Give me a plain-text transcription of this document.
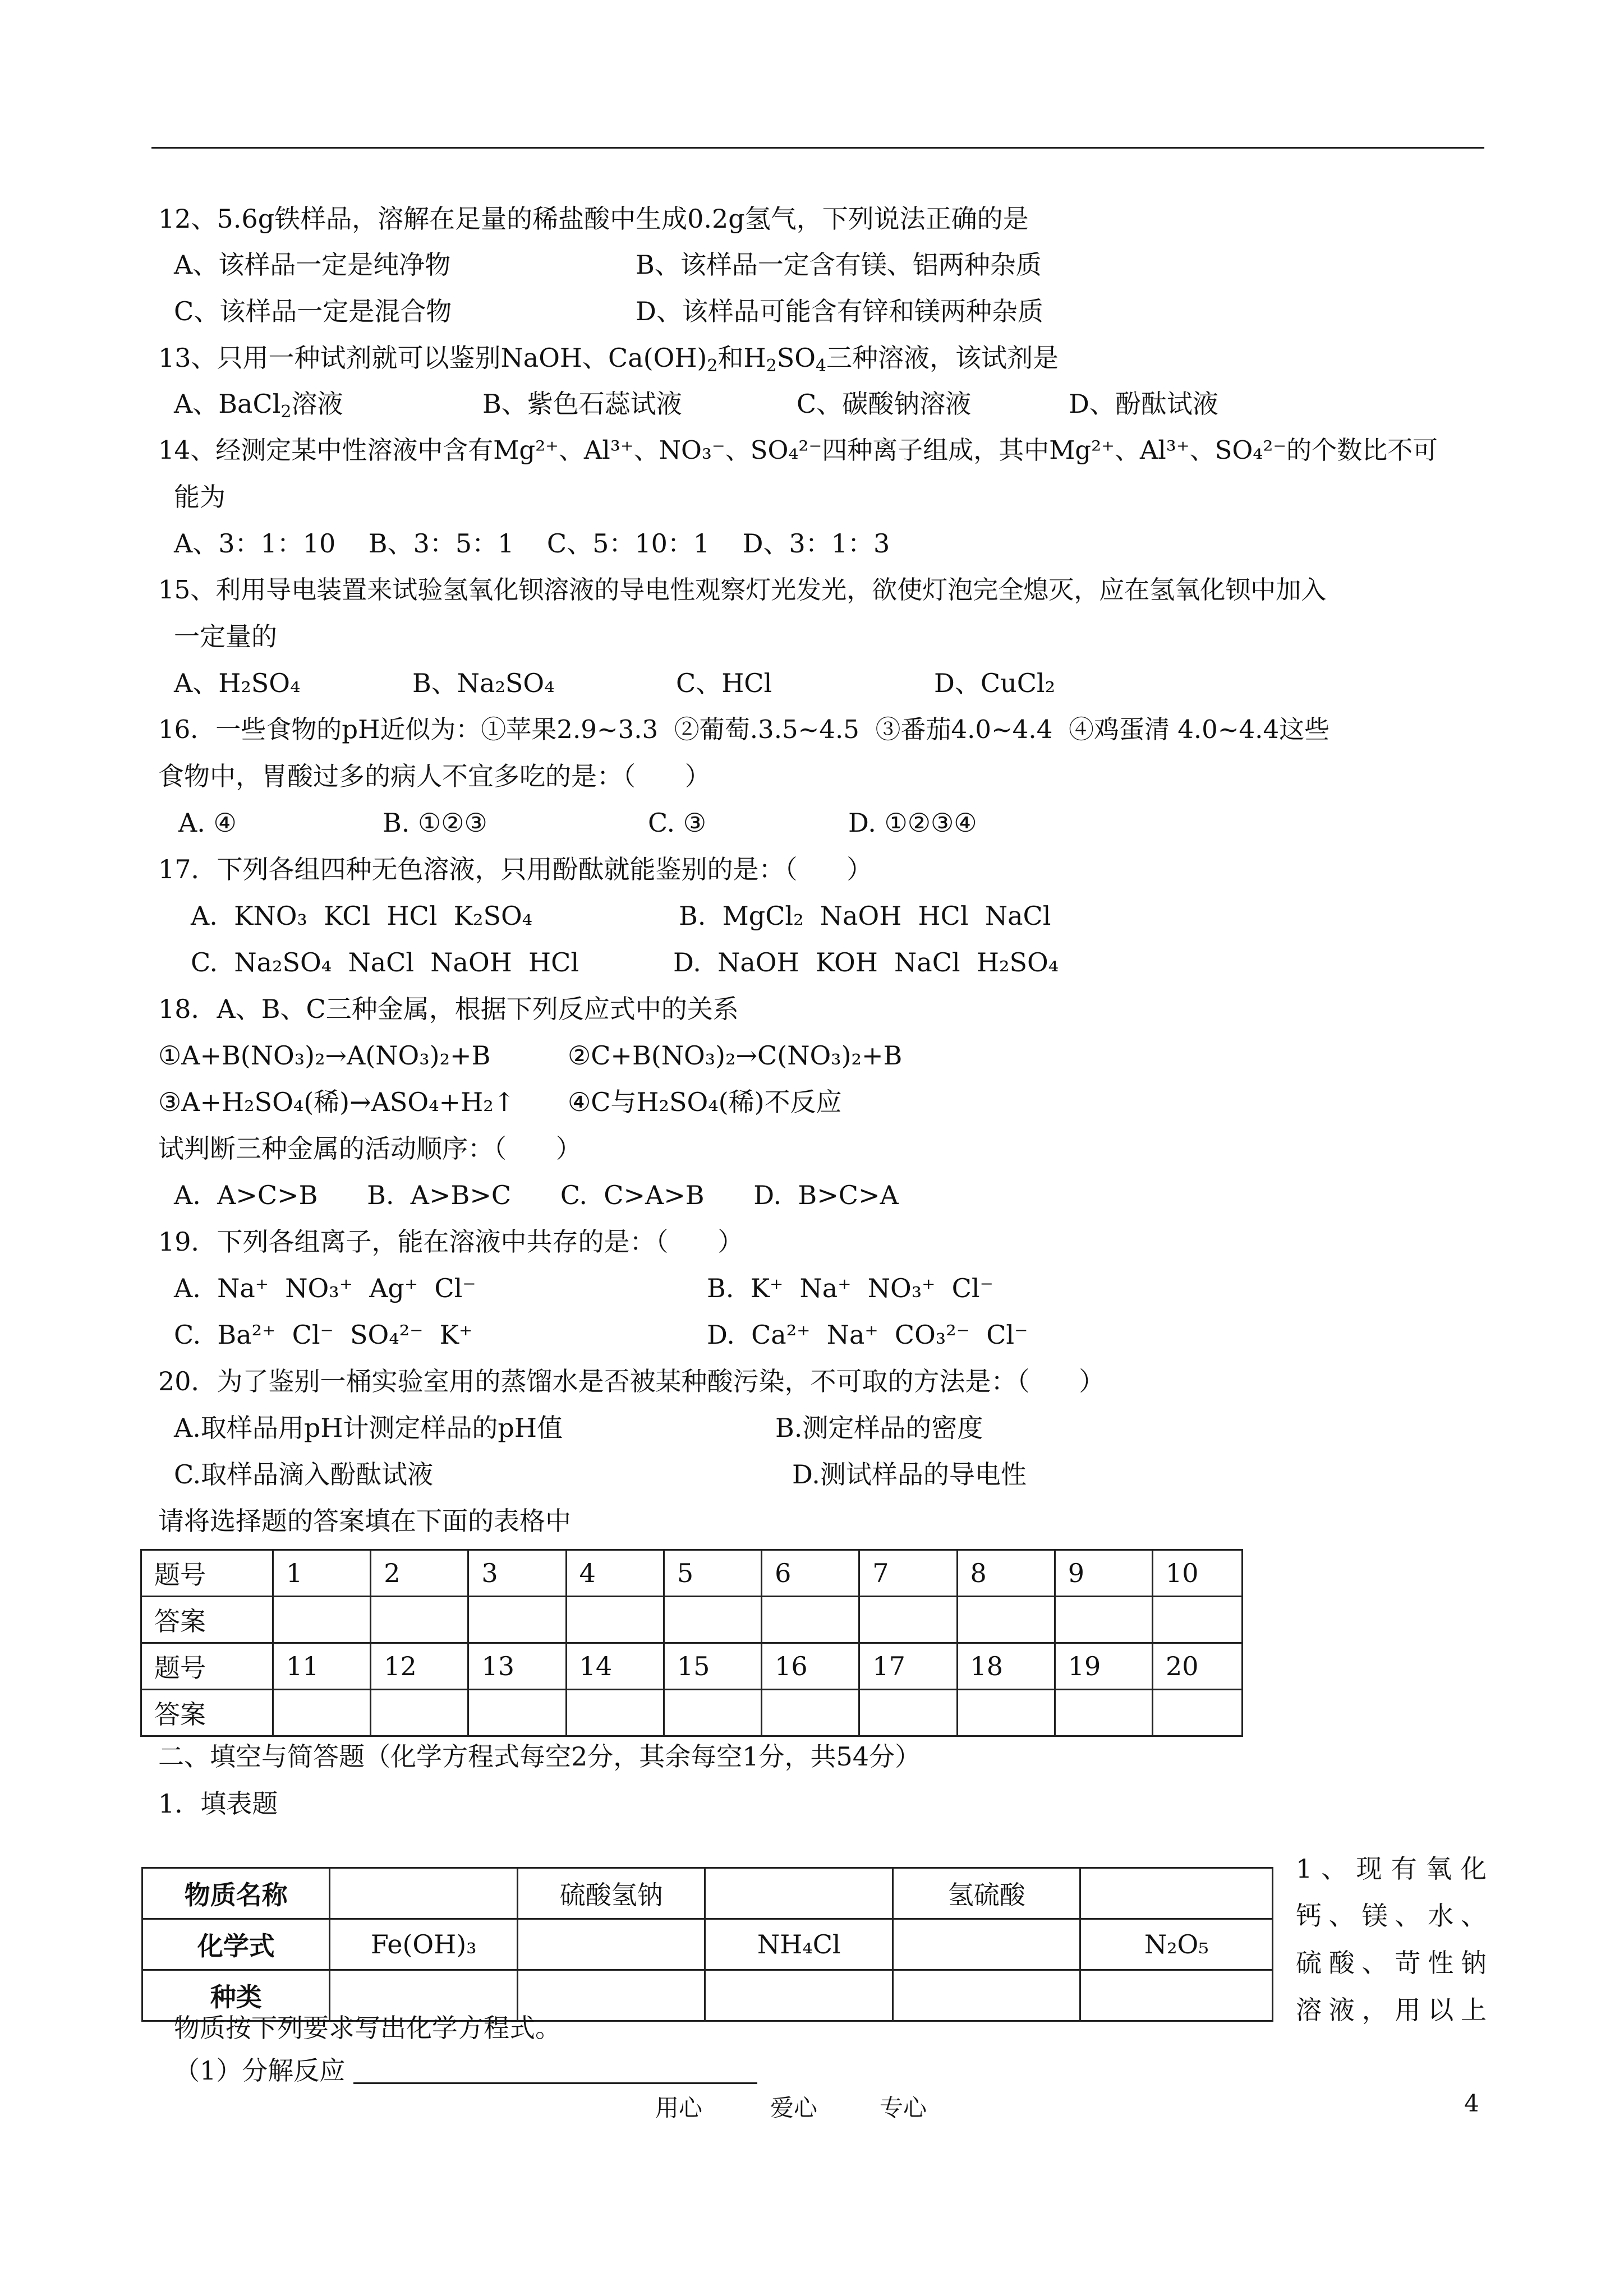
12、5.6g铁样品，溶解在足量的稀盐酸中生成0.2g氢气，下列说法正确的是
A、该样品一定是纯净物	B、该样品一定含有镁、铝两种杂质
C、该样品一定是混合物	D、该样品可能含有锌和镁两种杂质
13、只用一种试剂就可以鉴别NaOH、$Ca(OH)_2$和$H_2SO_4$三种溶液，该试剂是
A、BaCl$_2$溶液	B、紫色石蕊试液	C、碳酸钠溶液	D、酚酞试液
14、经测定某中性溶液中含有Mg²⁺、Al³⁺、NO₃⁻、SO₄²⁻四种离子组成，其中Mg²⁺、Al³⁺、SO₄²⁻的个数比不可
能为
A、3：1：10    B、3：5：1    C、5：10：1    D、3：1：3
15、利用导电装置来试验氢氧化钡溶液的导电性观察灯光发光，欲使灯泡完全熄灭，应在氢氧化钡中加入
一定量的
A、H₂SO₄	B、Na₂SO₄	C、HCl	D、CuCl₂
16．一些食物的pH近似为：①苹果2.9~3.3  ②葡萄.3.5~4.5  ③番茄4.0~4.4  ④鸡蛋清 4.0~4.4这些
食物中，胃酸过多的病人不宜多吃的是：（      ）
A. ④	B. ①②③	C. ③	D. ①②③④
17．下列各组四种无色溶液，只用酚酞就能鉴别的是：（      ）
A.  KNO₃  KCl  HCl  K₂SO₄	B.  MgCl₂  NaOH  HCl  NaCl
C.  Na₂SO₄  NaCl  NaOH  HCl	D.  NaOH  KOH  NaCl  H₂SO₄
18．A、B、C三种金属，根据下列反应式中的关系
①A+B(NO₃)₂→A(NO₃)₂+B	②C+B(NO₃)₂→C(NO₃)₂+B
③A+H₂SO₄(稀)→ASO₄+H₂↑ ④C与H₂SO₄(稀)不反应
试判断三种金属的活动顺序：（      ）
A.  A>C>B      B.  A>B>C      C.  C>A>B      D.  B>C>A
19．下列各组离子，能在溶液中共存的是：（      ）
A.  Na⁺  NO₃⁺  Ag⁺  Cl⁻	B.  K⁺  Na⁺  NO₃⁺  Cl⁻
C.  Ba²⁺  Cl⁻  SO₄²⁻  K⁺	D.  Ca²⁺  Na⁺  CO₃²⁻  Cl⁻
20．为了鉴别一桶实验室用的蒸馏水是否被某种酸污染，不可取的方法是：（      ）
A.取样品用pH计测定样品的pH值	B.测定样品的密度
C.取样品滴入酚酞试液	D.测试样品的导电性
请将选择题的答案填在下面的表格中
题号	1	2	3	4	5	6	7	8	9	10
答案										
题号	11	12	13	14	15	16	17	18	19	20
答案										
二、填空与简答题（化学方程式每空2分，其余每空1分，共54分）
1．填表题
物质名称		硫酸氢钠		氢硫酸	
化学式	Fe(OH)₃		NH₄Cl		N₂O₅
种类					
1、现有氧化
钙、镁、水、
硫酸、苛性钠
溶液，用以上
物质按下列要求写出化学方程式。
（1）分解反应
用心	爱心	专心	4
